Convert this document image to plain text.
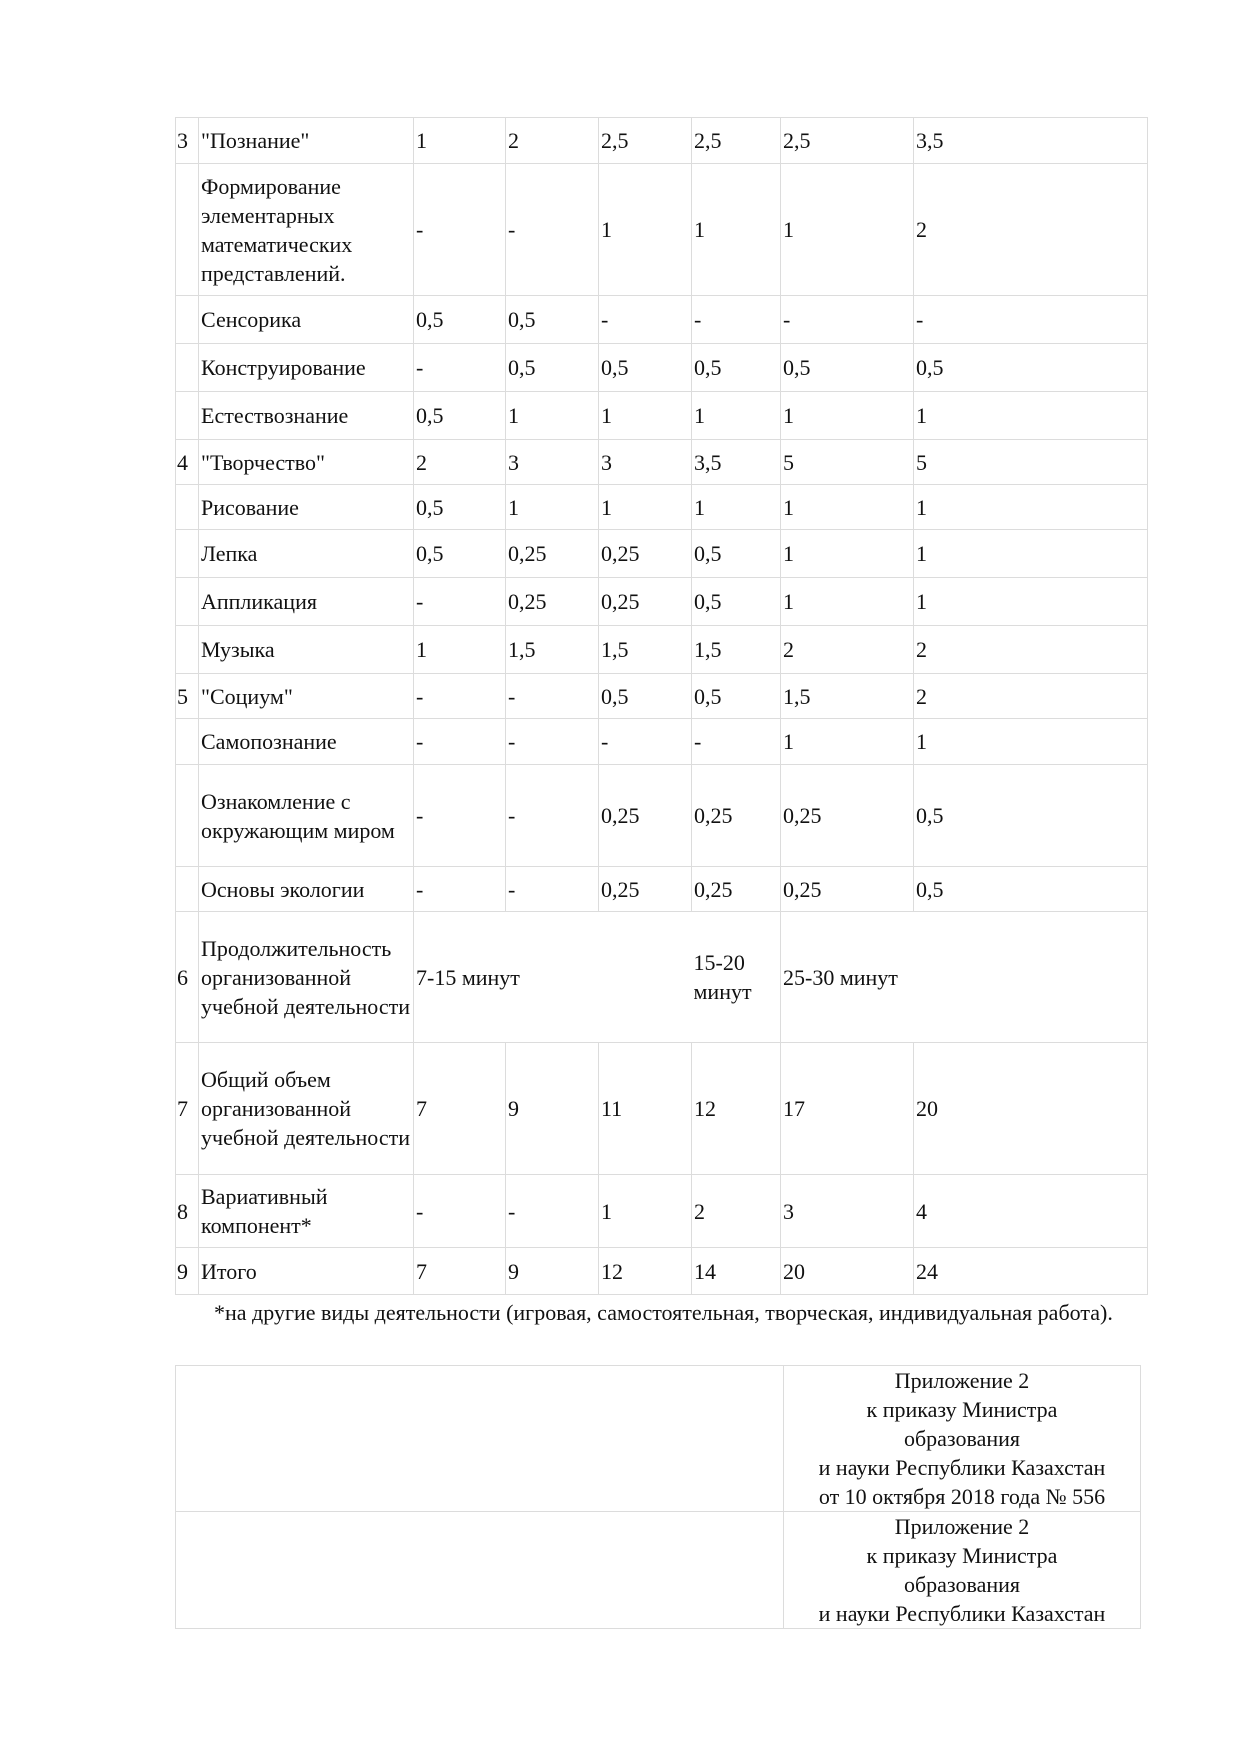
3	"Познание"	1	2	2,5	2,5	2,5	3,5
	Формирование элементарных математических представлений.	-	-	1	1	1	2
	Сенсорика	0,5	0,5	-	-	-	-
	Конструирование	-	0,5	0,5	0,5	0,5	0,5
	Естествознание	0,5	1	1	1	1	1
4	"Творчество"	2	3	3	3,5	5	5
	Рисование	0,5	1	1	1	1	1
	Лепка	0,5	0,25	0,25	0,5	1	1
	Аппликация	-	0,25	0,25	0,5	1	1
	Музыка	1	1,5	1,5	1,5	2	2
5	"Социум"	-	-	0,5	0,5	1,5	2
	Самопознание	-	-	-	-	1	1
	Ознакомление с окружающим миром	-	-	0,25	0,25	0,25	0,5
	Основы экологии	-	-	0,25	0,25	0,25	0,5
6	Продолжительность организованной учебной деятельности	7-15 минут			15-20 минут	25-30 минут	
7	Общий объем организованной учебной деятельности	7	9	11	12	17	20
8	Вариативный компонент*	-	-	1	2	3	4
9	Итого	7	9	12	14	20	24

*на другие виды деятельности (игровая, самостоятельная, творческая, индивидуальная работа).

	Приложение 2
к приказу Министра
образования
и науки Республики Казахстан
от 10 октября 2018 года № 556

	Приложение 2
к приказу Министра
образования
и науки Республики Казахстан
